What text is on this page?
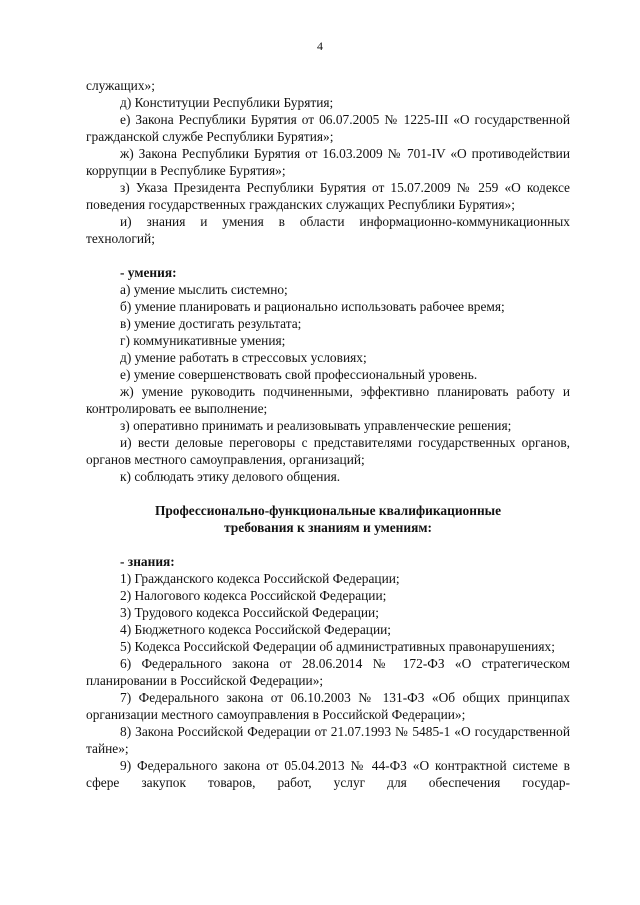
4

служащих»;

д) Конституции Республики Бурятия;

е) Закона Республики Бурятия от 06.07.2005 № 1225-III «О государственной гражданской службе Республики Бурятия»;

ж) Закона Республики Бурятия от 16.03.2009 № 701-IV «О противодействии коррупции в Республике Бурятия»;

з) Указа Президента Республики Бурятия от 15.07.2009 № 259 «О кодексе поведения государственных гражданских служащих Республики Бурятия»;

и) знания и умения в области информационно-коммуникационных технологий;

- умения:

а) умение мыслить системно;

б) умение планировать и рационально использовать рабочее время;

в) умение достигать результата;

г) коммуникативные умения;

д) умение работать в стрессовых условиях;

е) умение совершенствовать свой профессиональный уровень.

ж) умение руководить подчиненными, эффективно планировать работу и контролировать ее выполнение;

з) оперативно принимать и реализовывать управленческие решения;

и) вести деловые переговоры с представителями государственных органов, органов местного самоуправления, организаций;

к) соблюдать этику делового общения.

Профессионально-функциональные квалификационные

требования к знаниям и умениям:

- знания:

1) Гражданского кодекса Российской Федерации;

2) Налогового кодекса Российской Федерации;

3) Трудового кодекса Российской Федерации;

4) Бюджетного кодекса Российской Федерации;

5) Кодекса Российской Федерации об административных правонарушениях;

6) Федерального закона от 28.06.2014 № 172-ФЗ «О стратегическом планировании в Российской Федерации»;

7) Федерального закона от 06.10.2003 № 131-ФЗ «Об общих принципах организации местного самоуправления в Российской Федерации»;

8) Закона Российской Федерации от 21.07.1993 № 5485-1 «О государственной тайне»;

9) Федерального закона от 05.04.2013 № 44-ФЗ «О контрактной системе в сфере закупок товаров, работ, услуг для обеспечения государ-
